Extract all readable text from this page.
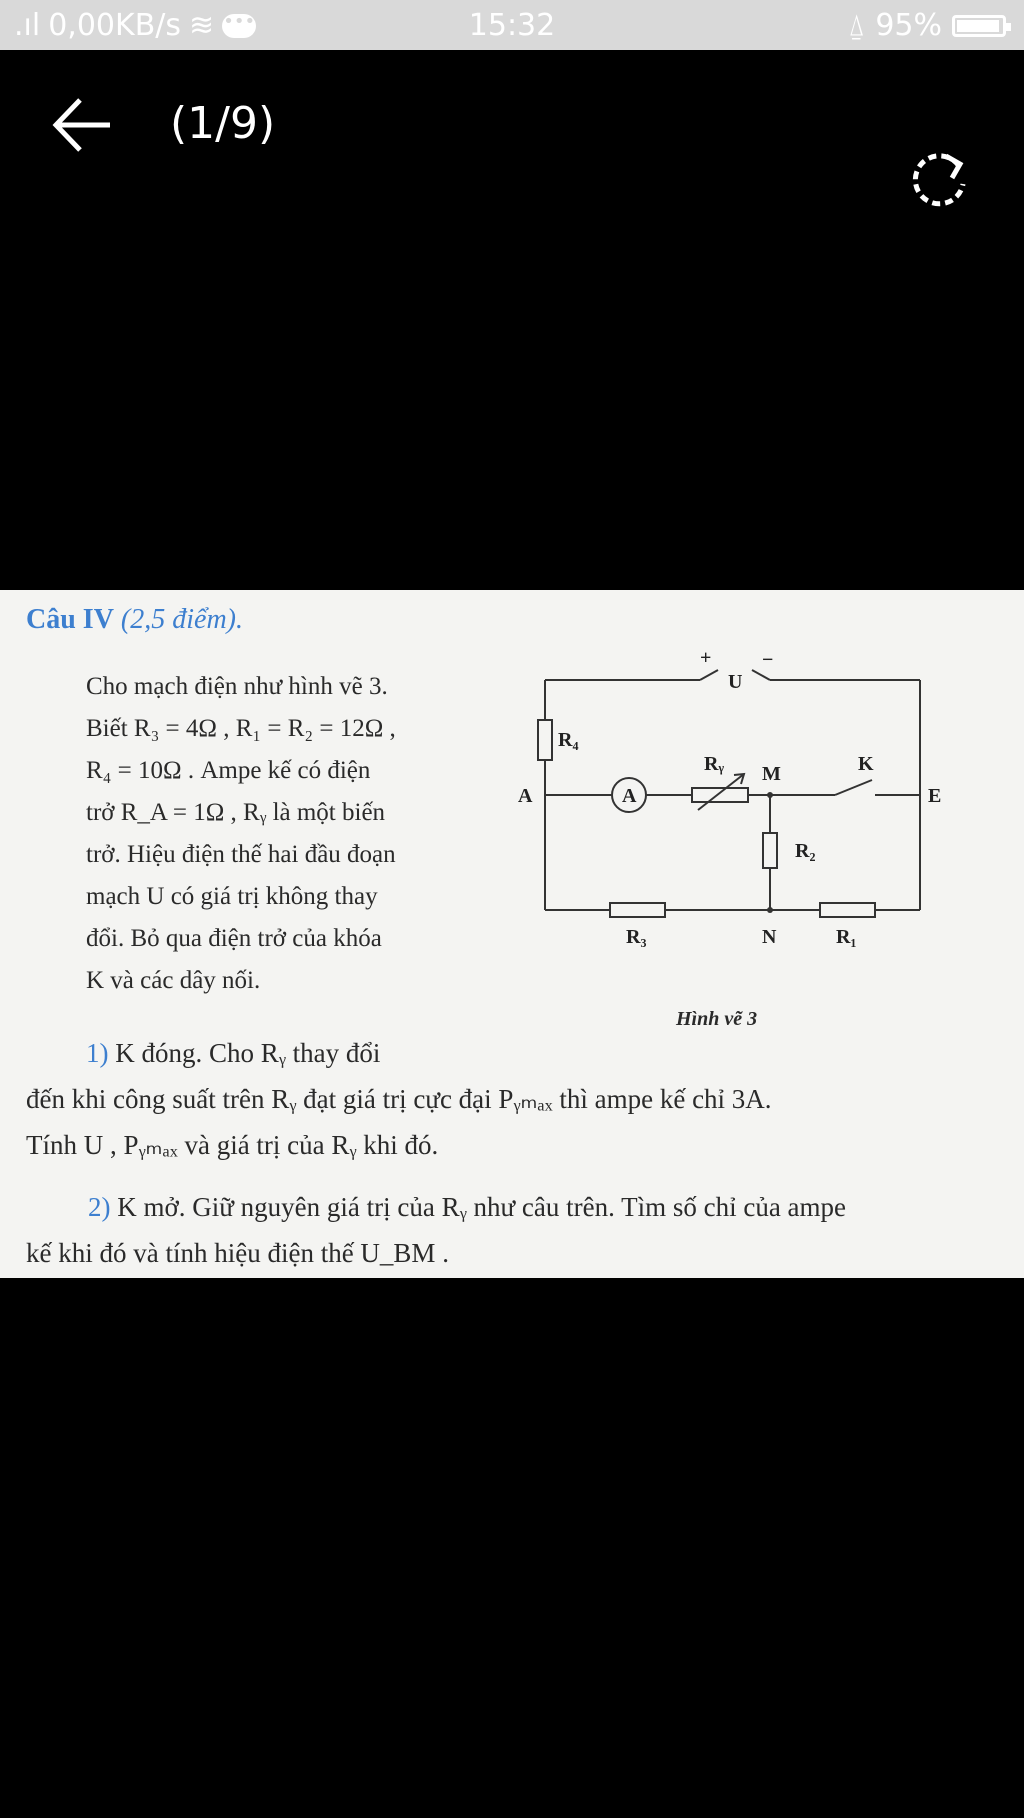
.ıl 0,00KB/s ≋ •••	15:32	⍙ 95%
(1/9)
Câu IV (2,5 điểm).

Cho mạch điện như hình vẽ 3.

Biết R₃ = 4Ω , R₁ = R₂ = 12Ω ,

R₄ = 10Ω . Ampe kế có điện

trở R_A = 1Ω , Rᵧ là một biến

trở. Hiệu điện thế hai đầu đoạn

mạch U có giá trị không thay

đổi. Bỏ qua điện trở của khóa

K và các dây nối.

+
U
−
R₄
A	A
Rᵧ M	K
E
R₂
R₃	N	R₁
Hình vẽ 3
1) K đóng. Cho Rᵧ thay đổi
đến khi công suất trên Rᵧ đạt giá trị cực đại Pᵧₘₐₓ thì ampe kế chỉ 3A.
Tính U , Pᵧₘₐₓ và giá trị của Rᵧ khi đó.
2) K mở. Giữ nguyên giá trị của Rᵧ như câu trên. Tìm số chỉ của ampe
kế khi đó và tính hiệu điện thế U_BM .
